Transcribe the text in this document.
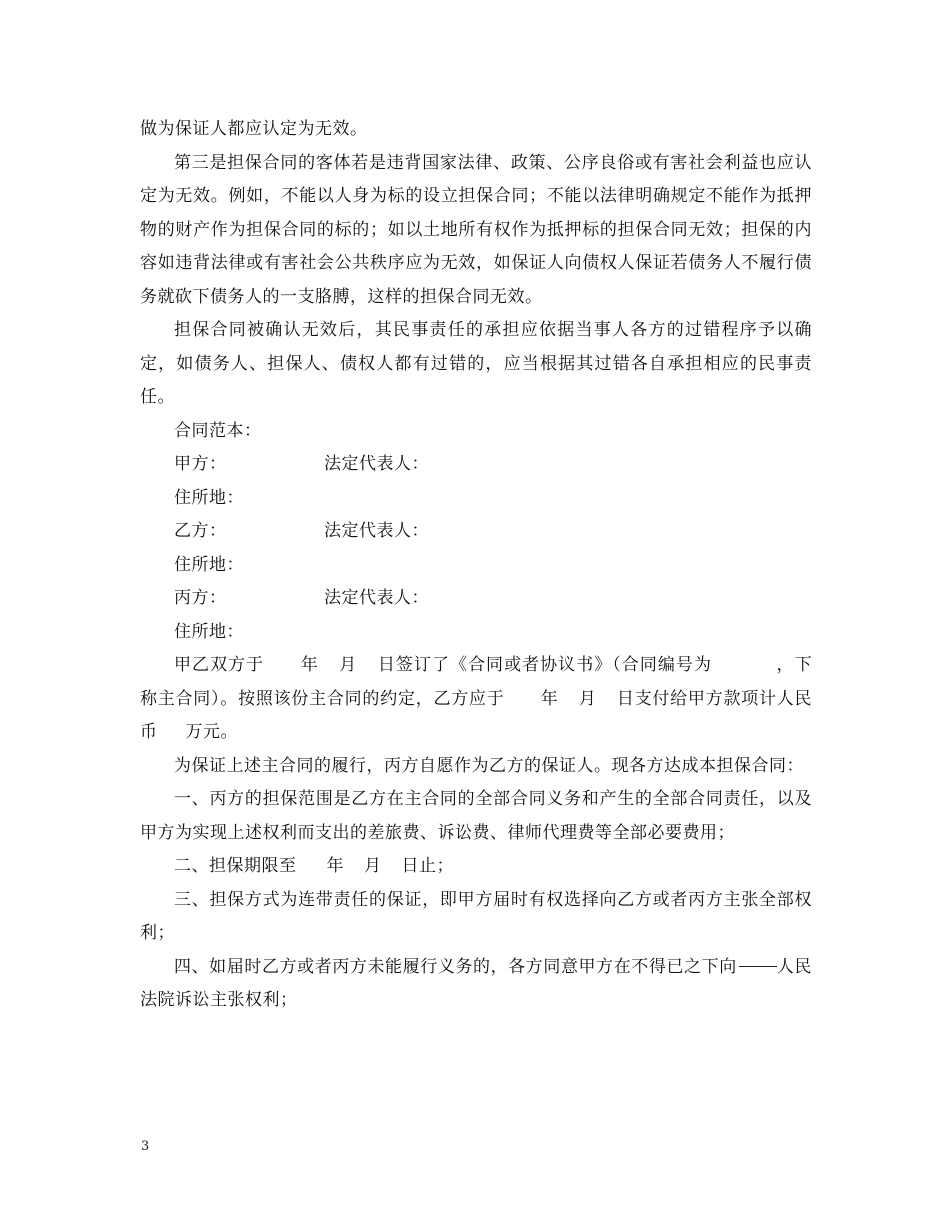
做为保证人都应认定为无效。

第三是担保合同的客体若是违背国家法律、政策、公序良俗或有害社会利益也应认定为无效。例如，不能以人身为标的设立担保合同；不能以法律明确规定不能作为抵押物的财产作为担保合同的标的；如以土地所有权作为抵押标的担保合同无效；担保的内容如违背法律或有害社会公共秩序应为无效，如保证人向债权人保证若债务人不履行债务就砍下债务人的一支胳膊，这样的担保合同无效。

担保合同被确认无效后，其民事责任的承担应依据当事人各方的过错程序予以确定，如债务人、担保人、债权人都有过错的，应当根据其过错各自承担相应的民事责任。

合同范本：

甲方：	法定代表人：

住所地：

乙方：	法定代表人：

住所地：

丙方：	法定代表人：

住所地：

甲乙双方于 年 月 日签订了《合同或者协议书》（合同编号为	，下称主合同）。按照该份主合同的约定，乙方应于 年 月 日支付给甲方款项计人民币 万元。

为保证上述主合同的履行，丙方自愿作为乙方的保证人。现各方达成本担保合同：

一、丙方的担保范围是乙方在主合同的全部合同义务和产生的全部合同责任，以及甲方为实现上述权利而支出的差旅费、诉讼费、律师代理费等全部必要费用；

二、担保期限至 年 月 日止；

三、担保方式为连带责任的保证，即甲方届时有权选择向乙方或者丙方主张全部权利；

四、如届时乙方或者丙方未能履行义务的，各方同意甲方在不得已之下向 人民法院诉讼主张权利；

3
